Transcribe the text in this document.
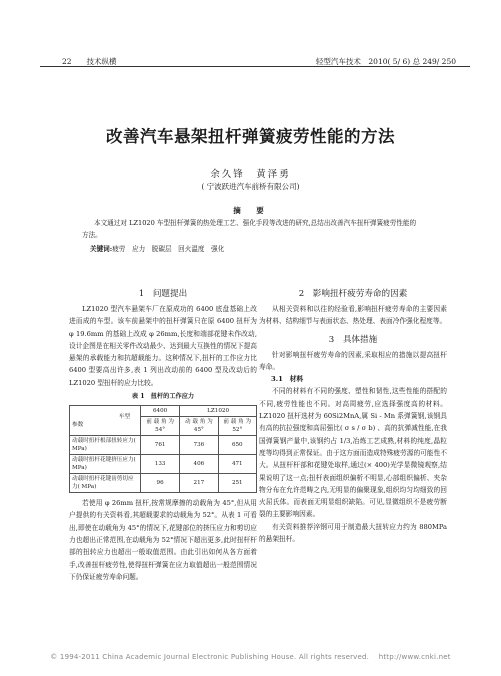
22　　技术纵横	轻型汽车技术　2010( 5/ 6) 总 249/ 250
改善汽车悬架扭杆弹簧疲劳性能的方法
余久锋　黄泽勇
( 宁波跃进汽车前桥有限公司)
摘　要
本文通过对 LZ1020 车型扭杆弹簧的热处理工艺、强化手段等改进的研究,总结出改善汽车扭杆弹簧疲劳性能的方法。
关键词:疲劳　应力　脱碳层　回火温度　强化
1　问题提出

LZ1020 型汽车悬架车厂在原成功的 6400 底盘基础上改进而成的车型。该车前悬架中的扭杆弹簧只在原 6400 扭杆为 φ 19.6mm 的基础上改成 φ 26mm,长度和端部花键未作改动,设计企图是在相关零件改动最少、达到最大互换性的情况下提高悬架的承载能力和抗超载能力。这种情况下,扭杆的工作应力比 6400 型要高出许多,表 1 列出改动前的 6400 型及改动后的 LZ1020 型扭杆的应力比较。

表 1　扭杆的工作应力
车型
参数	6400	LZ1020	
	前 载 角 为 54°	动 载 角 为 45°	前 载 角 为 52°
动载时扭杆根部扭转应力( MPa)	761	736	650
动载时扭杆花键挤压应力( MPa)	133	406	471
动载时扭杆花键齿剪切应力( MPa)	96	217	251

若使用 φ 26mm 扭杆,按常规摩擦的动载角为 45°,但从用户提供的有关资料看,其超载要求的动载角为 52°。从表 1 可看出,即使在动载角为 45°的情况下,花键部位的挤压应力和剪切应力也超出正常范围,在动载角为 52°情况下超出更多,此时扭杆杆部的扭转应力也超出一般取值范围。由此引出如何从各方面着手,改善扭杆疲劳性,使得扭杆弹簧在应力取值超出一般范围情况下仍保证疲劳寿命问题。

2　影响扭杆疲劳寿命的因素

从相关资料和以往的经验看,影响扭杆疲劳寿命的主要因素为材料、结构细节与表面状态、热处理、表面冷作强化程度等。

3　具体措施

针对影响扭杆疲劳寿命的因素,采取相应的措施以提高扭杆寿命。

3.1　材料

不同的材料有不同的强度、塑性和韧性,这些性能的搭配的不同,疲劳性能也不同。对高周疲劳,应选择强度高的材料。LZ1020 扭杆选材为 60Si2MnA,属 Si - Mn 系弹簧钢,该钢具有高的抗拉强度和高屈强比( σ s / σ b) 、高的抗弹减性能,在我国弹簧钢产量中,该钢约占 1/3,冶炼工艺成熟,材料的纯度,晶粒度等均得到正常保证。由于这方面而造成特殊疲劳源的可能性不大。从扭杆杆部和花键处取样,通过(× 400)光学显微镜观察,结果说明了这一点;扭杆表面组织偏析不明显,心部组织偏析、夹杂物分布在允许范畴之内,无明显的偏聚现象,组织均匀均细致的回火屈氏体。而表面无明显组织缺陷。可见,显微组织不是疲劳断裂的主要影响因素。

有关资料推荐淬钢可用于制造最大扭转应力约为 880MPa 的悬架扭杆。

© 1994-2011 China Academic Journal Electronic Publishing House. All rights reserved.　 http://www.cnki.net
